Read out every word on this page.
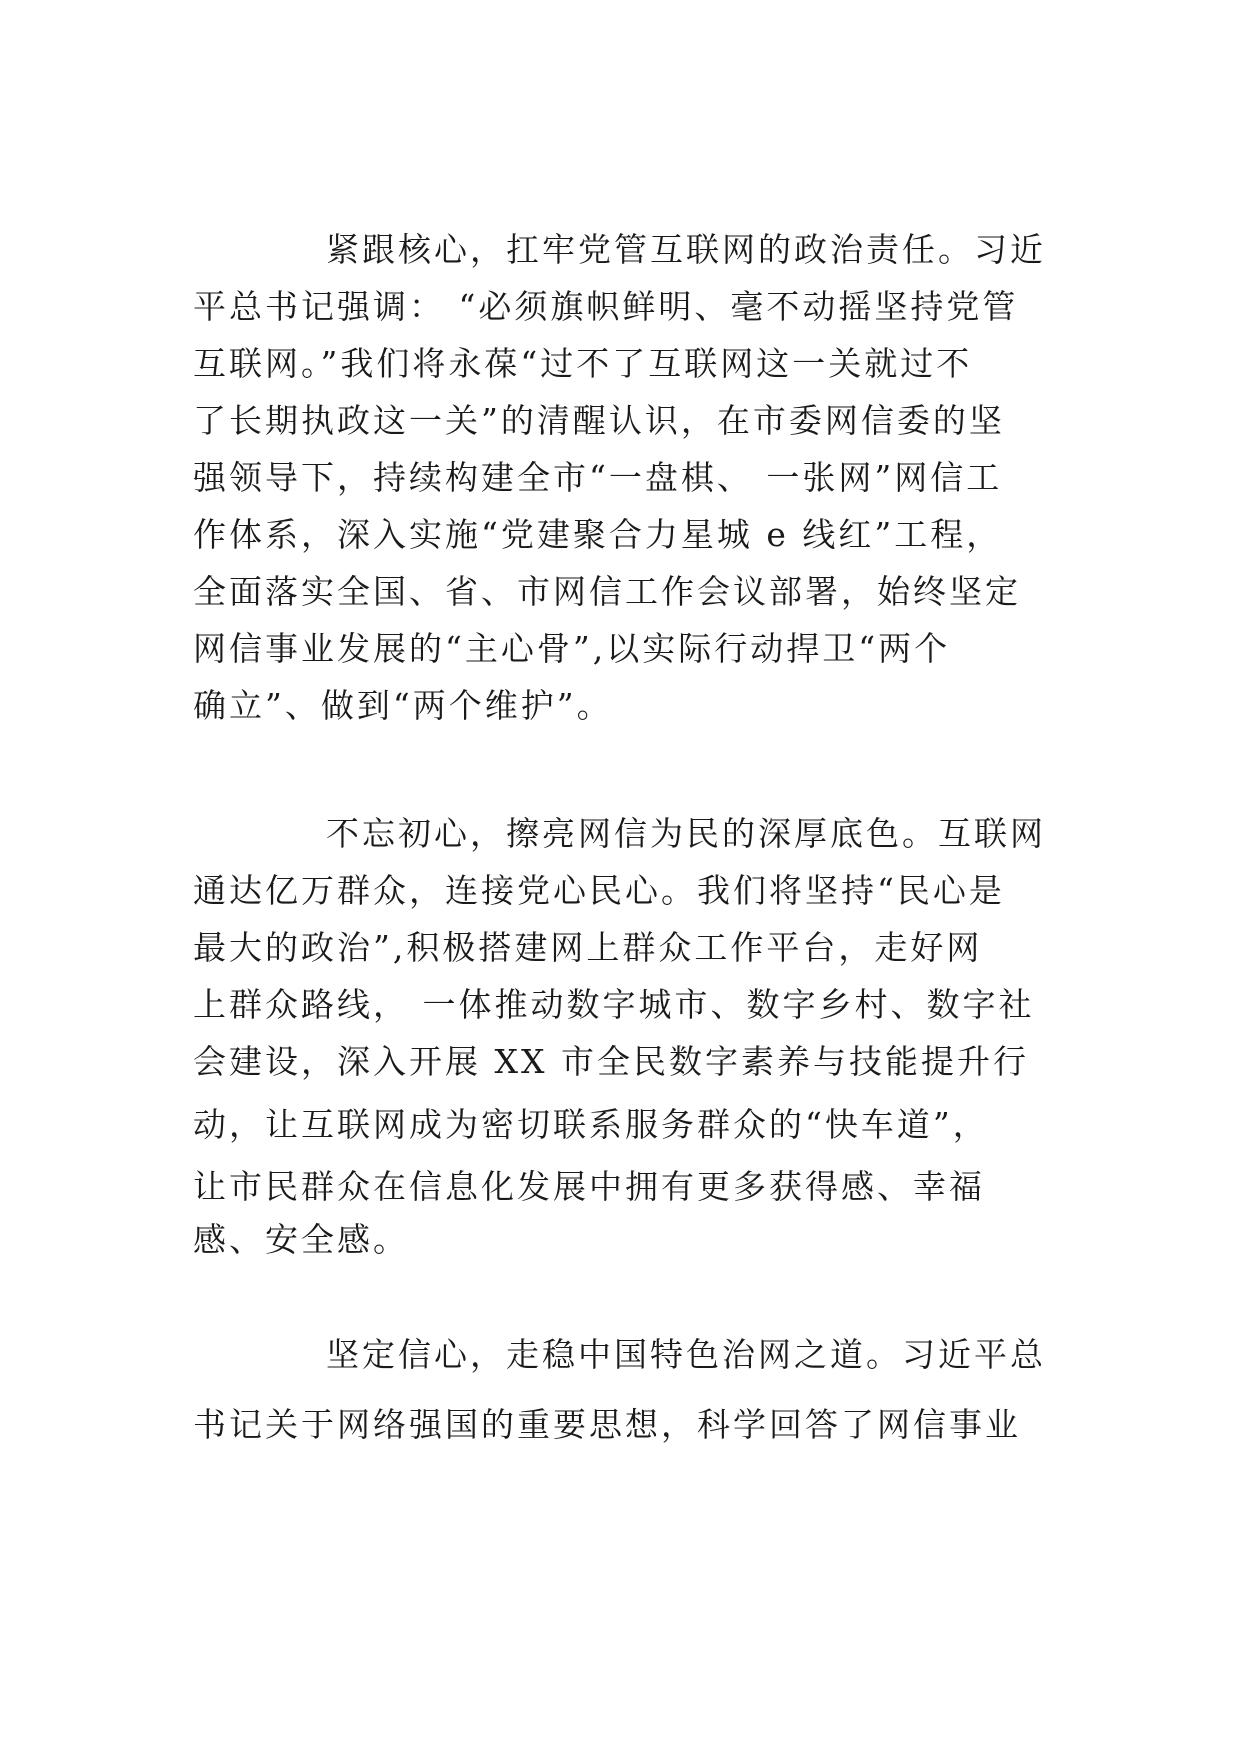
紧跟核心，扛牢党管互联网的政治责任。习近
平总书记强调： “必须旗帜鲜明、毫不动摇坚持党管
互联网。”我们将永葆“过不了互联网这一关就过不
了长期执政这一关”的清醒认识，在市委网信委的坚
强领导下，持续构建全市“一盘棋、 一张网”网信工
作体系，深入实施“党建聚合力星城 e 线红”工程，
全面落实全国、省、市网信工作会议部署，始终坚定
网信事业发展的“主心骨”,以实际行动捍卫“两个
确立”、做到“两个维护”。
不忘初心，擦亮网信为民的深厚底色。互联网
通达亿万群众，连接党心民心。我们将坚持“民心是
最大的政治”,积极搭建网上群众工作平台，走好网
上群众路线， 一体推动数字城市、数字乡村、数字社
会建设，深入开展 XX 市全民数字素养与技能提升行
动，让互联网成为密切联系服务群众的“快车道”，
让市民群众在信息化发展中拥有更多获得感、幸福
感、安全感。
坚定信心，走稳中国特色治网之道。习近平总
书记关于网络强国的重要思想，科学回答了网信事业
